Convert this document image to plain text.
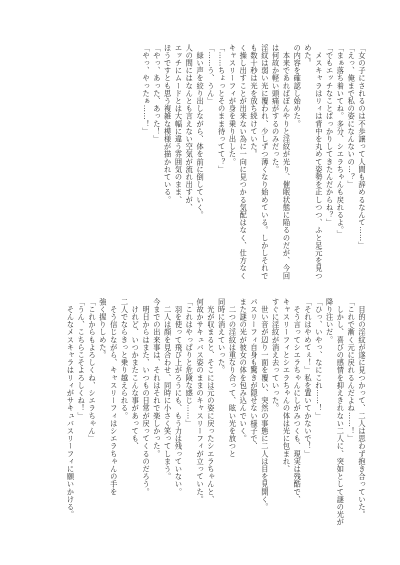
「女の子にされるのは不歩譲って人間も辞めるなんて……」
「えっ、俺まで私の姿になんないの…？」
「まぁ落ち着いてね。多分、シエラちゃんも戻れるよ。」
「でもエッチなことばっかりしてきたんだからね？」
　メスキャラはリィは背中を丸めて姿勢を正しつつ、ふと足元を見つめた。
の内容を確認し始めた。
　本来であればぽんやりと淫紋が光り、催眠状態に陥るのだが、今回は何故か軽い頭痛がするのみだった。
淫紋は弱い光に覆われ、少しずつ薄くなり始めている。しかしそれでも数十秒は光を放ち続けていた。
く操し出すことが出来ない為に一向に見つかる気配はなく、仕方なくキャスリーフィが身を乗り出した。
「……ちょっとそのまま待ってて？」
「……う、うん」
　緑い声を絞り出しながら、体を前に倒していく。
人の間にはなんとも言えない空気が流れ出すが、
エッチにムードとは大幅に違う雰囲気のまま、
ほうですとも思う複雑な模様が描かれている。
「やっ、あった、あった！」
「やっ、やったぁ……！」
　目的の淫紋が遂に見つかって、二人は思わず抱き合っていた。
「これで漸く元に戻れるんだよね……！」
　しかし、喜びの感情を抑えきれない二人に、突如として謎の光が降り注いだ。
「ひっ、いやっ、なにこれ……！」
「それはやめてぇ！」私を置いてかないで！」
　そう言ってシエラちゃんにしがみつくも、現実は残酷で、
キャスリーフィとシエラちゃんの体は光に包まれ、
すぐに淫紋が消え去っていった。
　世い音が辺り一面を覆い、突然の事態に二人は目を見開く。
パスリーフィ自身も驚きが隠せない様子で、
また謎の光が彼女の体を包み込んでいく。
　二つの淫紋は重なり合って、眩い光を放つと
同時に消えていった。
　光が収まると、そこには元の姿に戻ったシエラちゃんと、
何故かサキュバス姿のままのキャスリーフィが立っていた。
「これはやっぱりと危険な感じ……」
　羽を使って飛び上がろうにも、もう力は残っていない。
　二人は顔を見合わせ、同時に小さく笑ってしまう。
今までの出来事は、それはそれで楽しかった。
　明日からはまた、いつもの日常が戻ってくるのだろう。
　けれど、いつかまたこんな事があっても、
二人でならきっと乗り越えられる。
　そう信じながら、キャスリーフィはシエラちゃんの手を
強く握りしめた。
「これからもよろしくね、シエラちゃん」
「うん、こちらこそよろしくね！」
　そんなメスキャラはリィがサキュバスリーフィに願いかける。
